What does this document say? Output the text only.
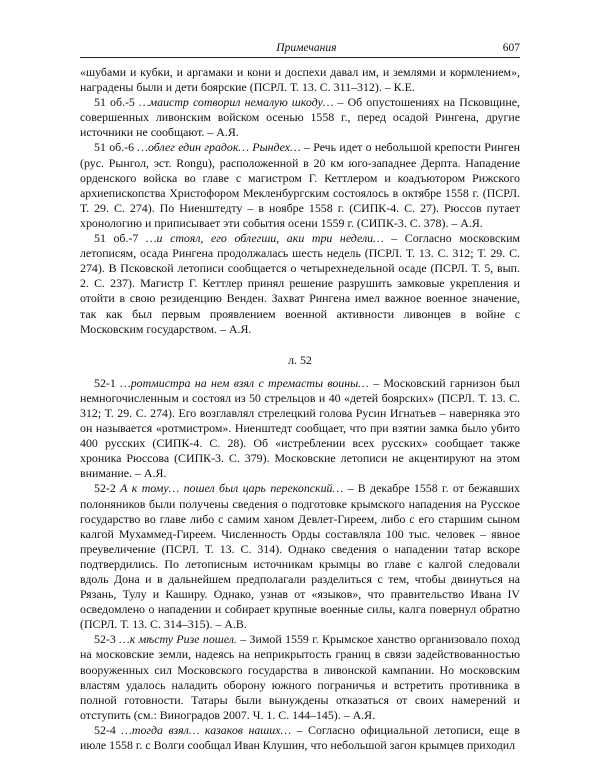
Примечания	607

«шубами и кубки, и аргамаки и кони и доспехи давал им, и землями и кормлением», наградены были и дети боярские (ПСРЛ. Т. 13. С. 311–312). – К.Е.

51 об.-5 …маистр сотворил немалую шкоду… – Об опустошениях на Псковщине, совершенных ливонским войском осенью 1558 г., перед осадой Рингена, другие источники не сообщают. – А.Я.

51 об.-6 …облег един градок… Рындех… – Речь идет о небольшой крепости Ринген (рус. Рынгол, эст. Rongu), расположенной в 20 км юго-западнее Дерпта. Нападение орденского войска во главе с магистром Г. Кеттлером и коадъютором Рижского архиепископства Христофором Мекленбургским состоялось в октябре 1558 г. (ПСРЛ. Т. 29. С. 274). По Ниенштедту – в ноябре 1558 г. (СИПК-4. С. 27). Рюссов путает хронологию и приписывает эти события осени 1559 г. (СИПК-3. С. 378). – А.Я.

51 об.-7 …и стоял, его облегши, аки три недели… – Согласно московским летописям, осада Рингена продолжалась шесть недель (ПСРЛ. Т. 13. С. 312; Т. 29. С. 274). В Псковской летописи сообщается о четырехнедельной осаде (ПСРЛ. Т. 5, вып. 2. С. 237). Магистр Г. Кеттлер принял решение разрушить замковые укрепления и отойти в свою резиденцию Венден. Захват Рингена имел важное военное значение, так как был первым проявлением военной активности ливонцев в войне с Московским государством. – А.Я.

л. 52

52-1 …ротмистра на нем взял с тремасты воины… – Московский гарнизон был немногочисленным и состоял из 50 стрельцов и 40 «детей боярских» (ПСРЛ. Т. 13. С. 312; Т. 29. С. 274). Его возглавлял стрелецкий голова Русин Игнатьев – наверняка это он называется «ротмистром». Ниенштедт сообщает, что при взятии замка было убито 400 русских (СИПК-4. С. 28). Об «истреблении всех русских» сообщает также хроника Рюссова (СИПК-3. С. 379). Московские летописи не акцентируют на этом внимание. – А.Я.

52-2 А к тому… пошел был царь перекопский… – В декабре 1558 г. от бежавших полоняников были получены сведения о подготовке крымского нападения на Русское государство во главе либо с самим ханом Девлет-Гиреем, либо с его старшим сыном калгой Мухаммед-Гиреем. Численность Орды составляла 100 тыс. человек – явное преувеличение (ПСРЛ. Т. 13. С. 314). Однако сведения о нападении татар вскоре подтвердились. По летописным источникам крымцы во главе с калгой следовали вдоль Дона и в дальнейшем предполагали разделиться с тем, чтобы двинуться на Рязань, Тулу и Каширу. Однако, узнав от «языков», что правительство Ивана IV осведомлено о нападении и собирает крупные военные силы, калга повернул обратно (ПСРЛ. Т. 13. С. 314–315). – А.В.

52-3 …к мѣсту Ризе пошел. – Зимой 1559 г. Крымское ханство организовало поход на московские земли, надеясь на неприкрытость границ в связи задействованностью вооруженных сил Московского государства в ливонской кампании. Но московским властям удалось наладить оборону южного пограничья и встретить противника в полной готовности. Татары были вынуждены отказаться от своих намерений и отступить (см.: Виноградов 2007. Ч. 1. С. 144–145). – А.Я.

52-4 …тогда взял… казаков наших… – Согласно официальной летописи, еще в июле 1558 г. с Волги сообщал Иван Клушин, что небольшой загон крымцев приходил
